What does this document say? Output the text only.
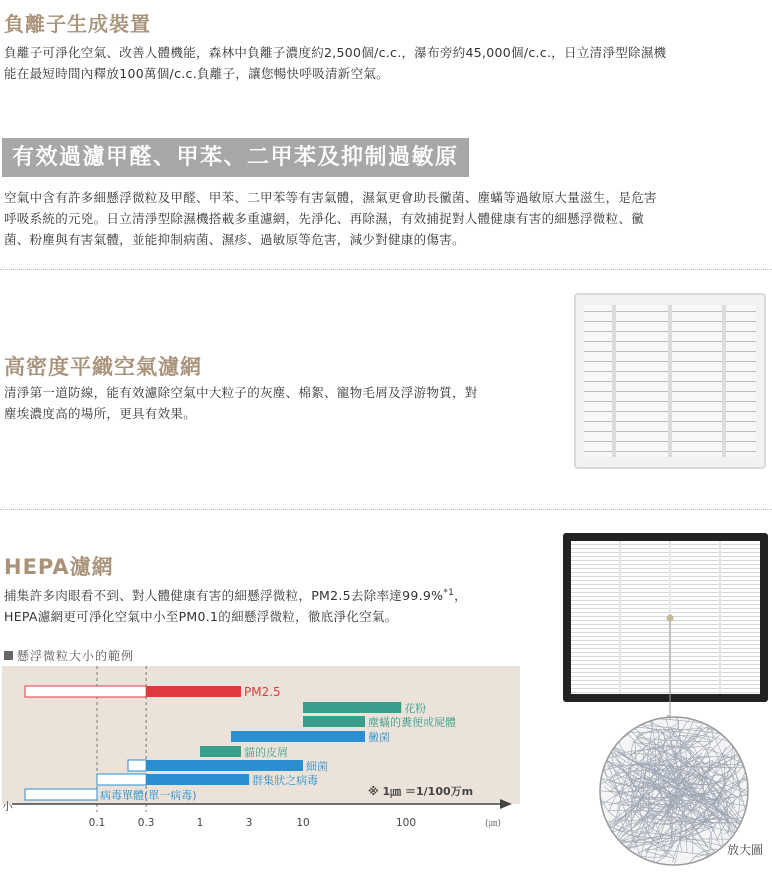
負離子生成裝置
負離子可淨化空氣、改善人體機能，森林中負離子濃度約2,500個/c.c.，瀑布旁約45,000個/c.c.，日立清淨型除濕機
能在最短時間內釋放100萬個/c.c.負離子，讓您暢快呼吸清新空氣。
有效過濾甲醛、甲苯、二甲苯及抑制過敏原
空氣中含有許多細懸浮微粒及甲醛、甲苯、二甲苯等有害氣體，濕氣更會助長黴菌、塵蟎等過敏原大量滋生，是危害
呼吸系統的元兇。日立清淨型除濕機搭載多重濾網，先淨化、再除濕，有效捕捉對人體健康有害的細懸浮微粒、黴
菌、粉塵與有害氣體，並能抑制病菌、濕疹、過敏原等危害，減少對健康的傷害。
高密度平織空氣濾網
清淨第一道防線，能有效濾除空氣中大粒子的灰塵、棉絮、寵物毛屑及浮游物質，對
塵埃濃度高的場所，更具有效果。
HEPA濾網
捕集許多肉眼看不到、對人體健康有害的細懸浮微粒，PM2.5去除率達99.9%$^{*1}$，
HEPA濾網更可淨化空氣中小至PM0.1的細懸浮微粒，徹底淨化空氣。
放大圖
懸浮微粒大小的範例
PM2.5
花粉
塵蟎的糞便或屍體
黴菌
貓的皮屑
細菌
群集狀之病毒
病毒單體(單一病毒)
小
0.1	0.3	1	3	10	100	(㎛)
※ 1㎛ ＝1/100万m
